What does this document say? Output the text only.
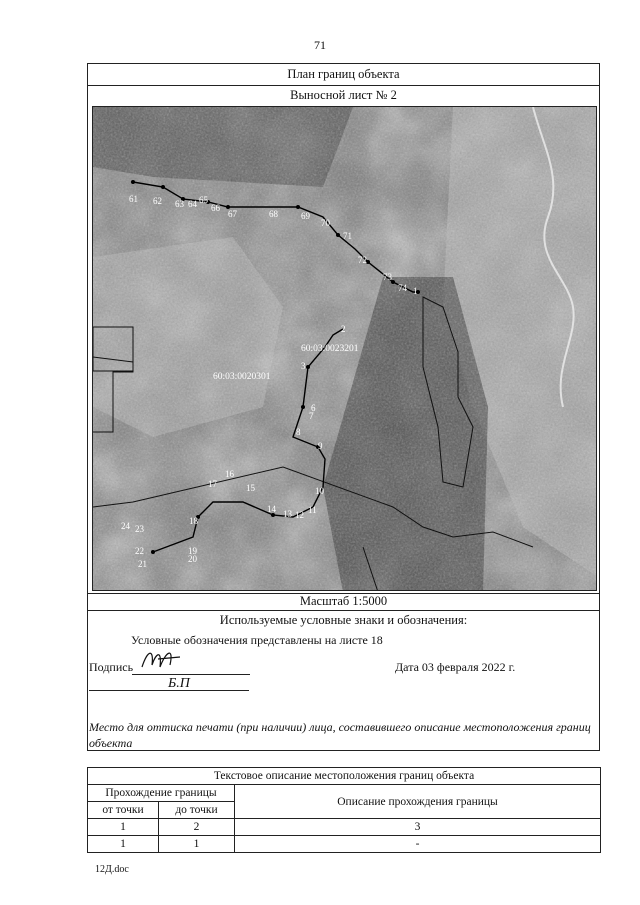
71
План границ объекта
Выносной лист № 2
61 62 63 64 65
66
67	68	69
70
71
72
73
74 1
2
3
6
7
8
9
10
11
12
13
14
15
16
17
18
19
20
21
22
23
24
60:03:0023201
60:03:0020301
Масштаб 1:5000
Используемые условные знаки и обозначения:
Условные обозначения представлены на листе 18
Подпись
Б.П
Дата 03 февраля 2022 г.
Место для оттиска печати (при наличии) лица, составившего описание местоположения границ объекта
Текстовое описание местоположения границ объекта		
Прохождение границы		Описание прохождения границы
от точки	до точки	
1	2	3
1	1	-
12Д.doc
